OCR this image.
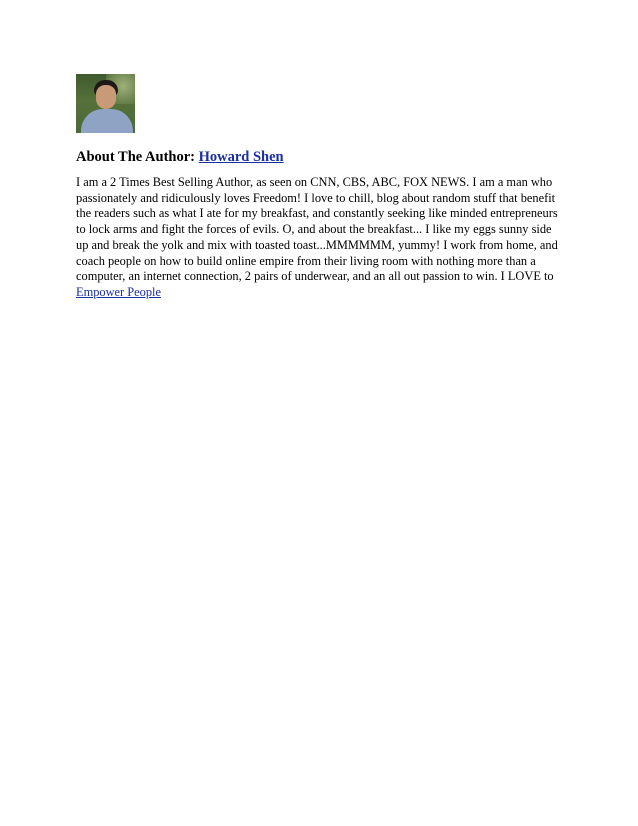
About The Author: Howard Shen

I am a 2 Times Best Selling Author, as seen on CNN, CBS, ABC, FOX NEWS. I am a man who passionately and ridiculously loves Freedom! I love to chill, blog about random stuff that benefit the readers such as what I ate for my breakfast, and constantly seeking like minded entrepreneurs to lock arms and fight the forces of evils. O, and about the breakfast... I like my eggs sunny side up and break the yolk and mix with toasted toast...MMMMMM, yummy! I work from home, and coach people on how to build online empire from their living room with nothing more than a computer, an internet connection, 2 pairs of underwear, and an all out passion to win. I LOVE to Empower People
